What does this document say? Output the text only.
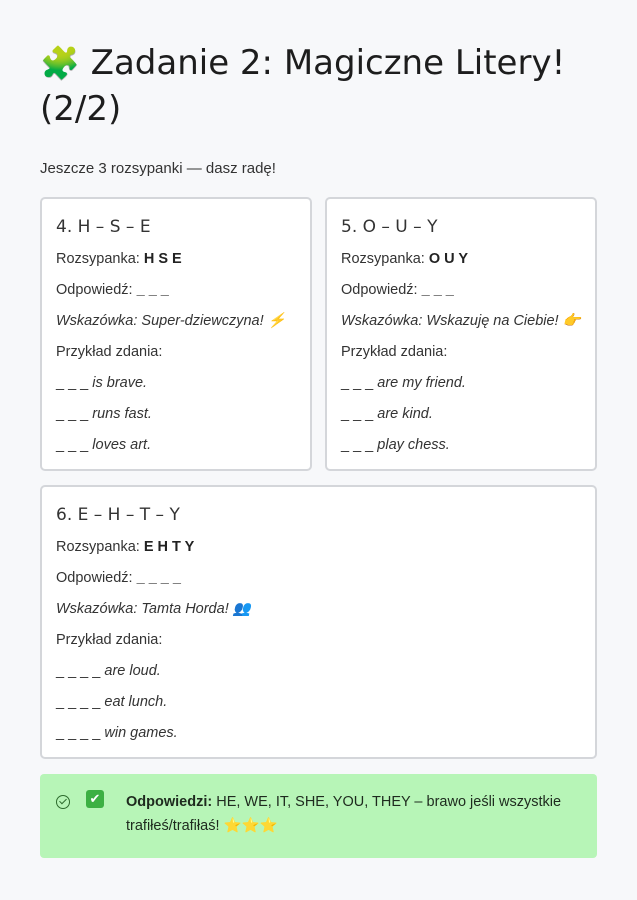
🧩 Zadanie 2: Magiczne Litery! (2/2)
Jeszcze 3 rozsypanki — dasz radę!
4. H – S – E
Rozsypanka: H S E
Odpowiedź: _ _ _
Wskazówka: Super-dziewczyna! ⚡
Przykład zdania:
_ _ _ is brave.
_ _ _ runs fast.
_ _ _ loves art.
5. O – U – Y
Rozsypanka: O U Y
Odpowiedź: _ _ _
Wskazówka: Wskazuję na Ciebie! 👉
Przykład zdania:
_ _ _ are my friend.
_ _ _ are kind.
_ _ _ play chess.
6. E – H – T – Y
Rozsypanka: E H T Y
Odpowiedź: _ _ _ _
Wskazówka: Tamta Horda! 👥
Przykład zdania:
_ _ _ _ are loud.
_ _ _ _ eat lunch.
_ _ _ _ win games.
✔ Odpowiedzi: HE, WE, IT, SHE, YOU, THEY – brawo jeśli wszystkie trafiłeś/trafiłaś! ⭐⭐⭐
